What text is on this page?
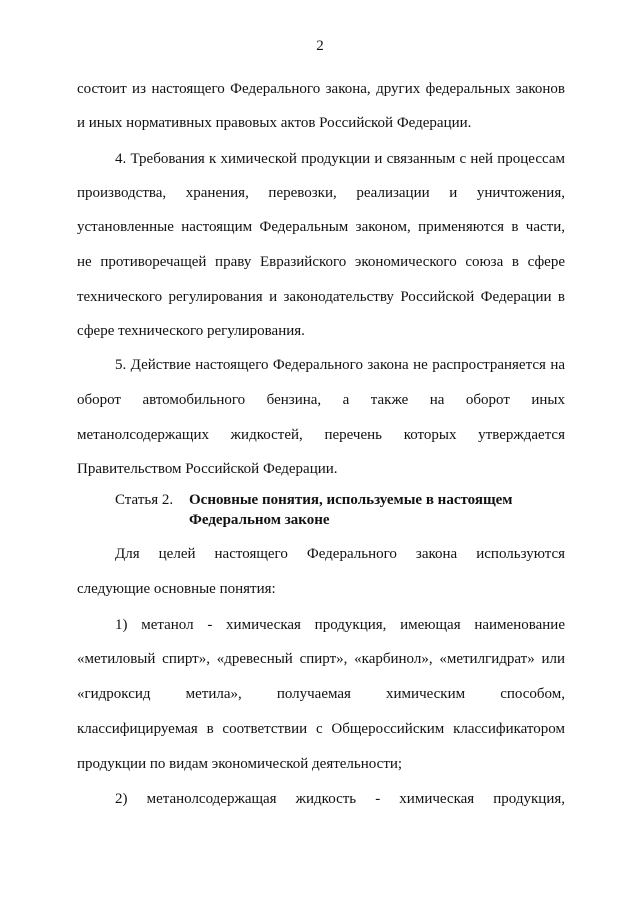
2
состоит из настоящего Федерального закона, других федеральных законов
и иных нормативных правовых актов Российской Федерации.
4. Требования к химической продукции и связанным с ней процессам
производства, хранения, перевозки, реализации и уничтожения,
установленные настоящим Федеральным законом, применяются в части,
не противоречащей праву Евразийского экономического союза в сфере
технического регулирования и законодательству Российской Федерации в
сфере технического регулирования.
5. Действие настоящего Федерального закона не распространяется на
оборот автомобильного бензина, а также на оборот иных
метанолсодержащих жидкостей, перечень которых утверждается
Правительством Российской Федерации.
Статья 2. Основные понятия, используемые в настоящем
Федеральном законе
Для целей настоящего Федерального закона используются
следующие основные понятия:
1) метанол - химическая продукция, имеющая наименование
«метиловый спирт», «древесный спирт», «карбинол», «метилгидрат» или
«гидроксид метила», получаемая химическим способом,
классифицируемая в соответствии с Общероссийским классификатором
продукции по видам экономической деятельности;
2) метанолсодержащая жидкость - химическая продукция,
